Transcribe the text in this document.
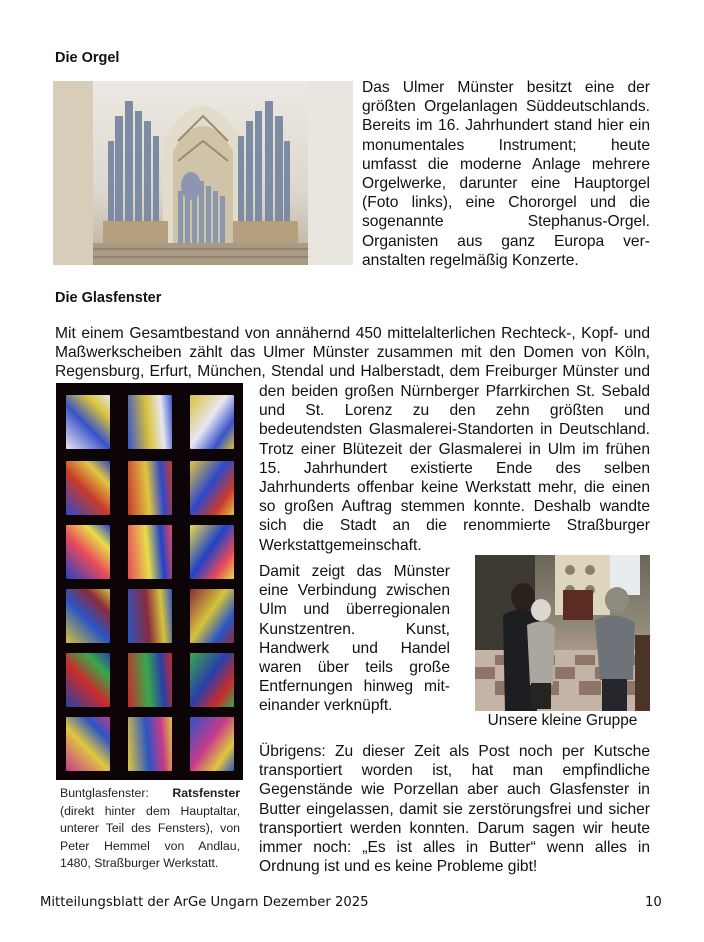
Die Orgel

Das Ulmer Münster besitzt eine der

größten Orgelanlagen Süddeutschlands.

Bereits im 16. Jahrhundert stand hier ein

monumentales Instrument; heute

umfasst die moderne Anlage mehrere

Orgelwerke, darunter eine Hauptorgel

(Foto links), eine Chororgel und die

sogenannte Stephanus-Orgel.

Organisten aus ganz Europa ver-

anstalten regelmäßig Konzerte.

Die Glasfenster

Mit einem Gesamtbestand von annähernd 450 mittelalterlichen Rechteck-, Kopf- und

Maßwerkscheiben zählt das Ulmer Münster zusammen mit den Domen von Köln,

Regensburg, Erfurt, München, Stendal und Halberstadt, dem Freiburger Münster und

Buntglasfenster: Ratsfenster
(direkt hinter dem Hauptaltar,
unterer Teil des Fensters), von
Peter Hemmel von Andlau,
1480, Straßburger Werkstatt.

den beiden großen Nürnberger Pfarrkirchen St. Sebald

und St. Lorenz zu den zehn größten und

bedeutendsten Glasmalerei-Standorten in Deutschland.

Trotz einer Blütezeit der Glasmalerei in Ulm im frühen

15. Jahrhundert existierte Ende des selben

Jahrhunderts offenbar keine Werkstatt mehr, die einen

so großen Auftrag stemmen konnte. Deshalb wandte

sich die Stadt an die renommierte Straßburger

Werkstattgemeinschaft.

Damit zeigt das Münster

eine Verbindung zwischen

Ulm und überregionalen

Kunstzentren. Kunst,

Handwerk und Handel

waren über teils große

Entfernungen hinweg mit-

einander verknüpft.

Unsere kleine Gruppe

Übrigens: Zu dieser Zeit als Post noch per Kutsche

transportiert worden ist, hat man empfindliche

Gegenstände wie Porzellan aber auch Glasfenster in

Butter eingelassen, damit sie zerstörungsfrei und sicher

transportiert werden konnten. Darum sagen wir heute

immer noch: „Es ist alles in Butter“ wenn alles in

Ordnung ist und es keine Probleme gibt!

Mitteilungsblatt der ArGe Ungarn Dezember 2025	10
